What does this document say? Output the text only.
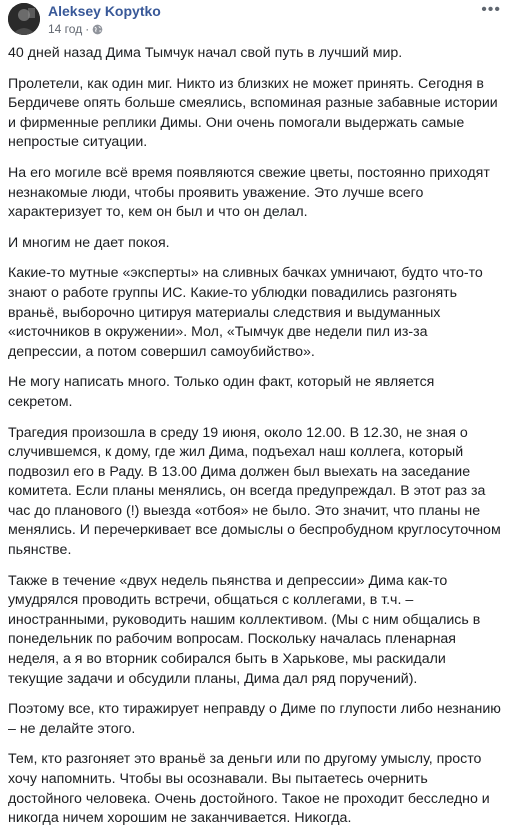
Aleksey Kopytko
14 год ·
•••

40 дней назад Дима Тымчук начал свой путь в лучший мир.

Пролетели, как один миг. Никто из близких не может принять. Сегодня в Бердичеве опять больше смеялись, вспоминая разные забавные истории и фирменные реплики Димы. Они очень помогали выдержать самые непростые ситуации.

На его могиле всё время появляются свежие цветы, постоянно приходят незнакомые люди, чтобы проявить уважение. Это лучше всего характеризует то, кем он был и что он делал.

И многим не дает покоя.

Какие-то мутные «эксперты» на сливных бачках умничают, будто что-то знают о работе группы ИС. Какие-то ублюдки повадились разгонять враньё, выборочно цитируя материалы следствия и выдуманных «источников в окружении». Мол, «Тымчук две недели пил из-за депрессии, а потом совершил самоубийство».

Не могу написать много. Только один факт, который не является секретом.

Трагедия произошла в среду 19 июня, около 12.00. В 12.30, не зная о случившемся, к дому, где жил Дима, подъехал наш коллега, который подвозил его в Раду. В 13.00 Дима должен был выехать на заседание комитета. Если планы менялись, он всегда предупреждал. В этот раз за час до планового (!) выезда «отбоя» не было. Это значит, что планы не менялись. И перечеркивает все домыслы о беспробудном круглосуточном пьянстве.

Также в течение «двух недель пьянства и депрессии» Дима как-то умудрялся проводить встречи, общаться с коллегами, в т.ч. – иностранными, руководить нашим коллективом. (Мы с ним общались в понедельник по рабочим вопросам. Поскольку началась пленарная неделя, а я во вторник собирался быть в Харькове, мы раскидали текущие задачи и обсудили планы, Дима дал ряд поручений).

Поэтому все, кто тиражирует неправду о Диме по глупости либо незнанию – не делайте этого.

Тем, кто разгоняет это враньё за деньги или по другому умыслу, просто хочу напомнить. Чтобы вы осознавали. Вы пытаетесь очернить достойного человека. Очень достойного. Такое не проходит бесследно и никогда ничем хорошим не заканчивается. Никогда.
